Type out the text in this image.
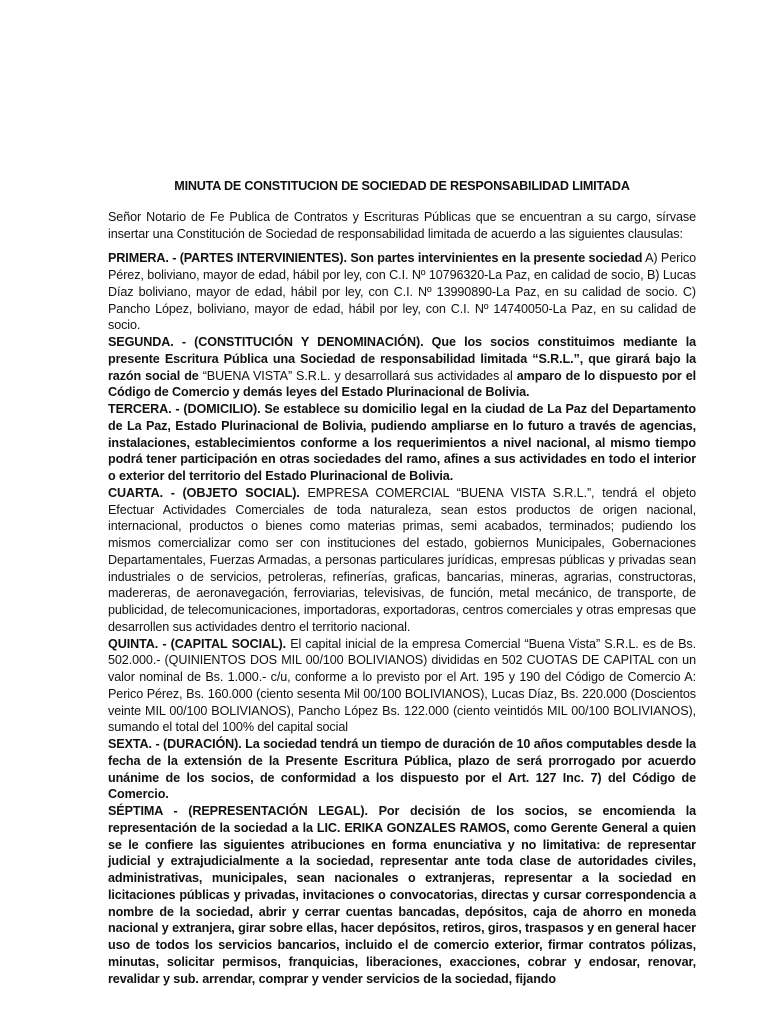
MINUTA DE CONSTITUCION DE SOCIEDAD DE RESPONSABILIDAD LIMITADA

Señor Notario de Fe Publica de Contratos y Escrituras Públicas que se encuentran a su cargo, sírvase insertar una Constitución de Sociedad de responsabilidad limitada de acuerdo a las siguientes clausulas:

PRIMERA. - (PARTES INTERVINIENTES). Son partes intervinientes en la presente sociedad A) Perico Pérez, boliviano, mayor de edad, hábil por ley, con C.I. Nº 10796320-La Paz, en calidad de socio, B) Lucas Díaz boliviano, mayor de edad, hábil por ley, con C.I. Nº 13990890-La Paz, en su calidad de socio. C) Pancho López, boliviano, mayor de edad, hábil por ley, con C.I. Nº 14740050-La Paz, en su calidad de socio.

SEGUNDA. - (CONSTITUCIÓN Y DENOMINACIÓN). Que los socios constituimos mediante la presente Escritura Pública una Sociedad de responsabilidad limitada “S.R.L.”, que girará bajo la razón social de “BUENA VISTA” S.R.L. y desarrollará sus actividades al amparo de lo dispuesto por el Código de Comercio y demás leyes del Estado Plurinacional de Bolivia.

TERCERA. - (DOMICILIO). Se establece su domicilio legal en la ciudad de La Paz del Departamento de La Paz, Estado Plurinacional de Bolivia, pudiendo ampliarse en lo futuro a través de agencias, instalaciones, establecimientos conforme a los requerimientos a nivel nacional, al mismo tiempo podrá tener participación en otras sociedades del ramo, afines a sus actividades en todo el interior o exterior del territorio del Estado Plurinacional de Bolivia.

CUARTA. - (OBJETO SOCIAL). EMPRESA COMERCIAL “BUENA VISTA S.R.L.”, tendrá el objeto Efectuar Actividades Comerciales de toda naturaleza, sean estos productos de origen nacional, internacional, productos o bienes como materias primas, semi acabados, terminados; pudiendo los mismos comercializar como ser con instituciones del estado, gobiernos Municipales, Gobernaciones Departamentales, Fuerzas Armadas, a personas particulares jurídicas, empresas públicas y privadas sean industriales o de servicios, petroleras, refinerías, graficas, bancarias, mineras, agrarias, constructoras, madereras, de aeronavegación, ferroviarias, televisivas, de función, metal mecánico, de transporte, de publicidad, de telecomunicaciones, importadoras, exportadoras, centros comerciales y otras empresas que desarrollen sus actividades dentro el territorio nacional.

QUINTA. - (CAPITAL SOCIAL). El capital inicial de la empresa Comercial “Buena Vista” S.R.L. es de Bs. 502.000.- (QUINIENTOS DOS MIL 00/100 BOLIVIANOS) divididas en 502 CUOTAS DE CAPITAL con un valor nominal de Bs. 1.000.- c/u, conforme a lo previsto por el Art. 195 y 190 del Código de Comercio A: Perico Pérez, Bs. 160.000 (ciento sesenta Mil 00/100 BOLIVIANOS), Lucas Díaz, Bs. 220.000 (Doscientos veinte MIL 00/100 BOLIVIANOS), Pancho López Bs. 122.000 (ciento veintidós MIL 00/100 BOLIVIANOS), sumando el total del 100% del capital social

SEXTA. - (DURACIÓN). La sociedad tendrá un tiempo de duración de 10 años computables desde la fecha de la extensión de la Presente Escritura Pública, plazo de será prorrogado por acuerdo unánime de los socios, de conformidad a los dispuesto por el Art. 127 Inc. 7) del Código de Comercio.

SÉPTIMA - (REPRESENTACIÓN LEGAL). Por decisión de los socios, se encomienda la representación de la sociedad a la LIC. ERIKA GONZALES RAMOS, como Gerente General a quien se le confiere las siguientes atribuciones en forma enunciativa y no limitativa: de representar judicial y extrajudicialmente a la sociedad, representar ante toda clase de autoridades civiles, administrativas, municipales, sean nacionales o extranjeras, representar a la sociedad en licitaciones públicas y privadas, invitaciones o convocatorias, directas y cursar correspondencia a nombre de la sociedad, abrir y cerrar cuentas bancadas, depósitos, caja de ahorro en moneda nacional y extranjera, girar sobre ellas, hacer depósitos, retiros, giros, traspasos y en general hacer uso de todos los servicios bancarios, incluido el de comercio exterior, firmar contratos pólizas, minutas, solicitar permisos, franquicias, liberaciones, exacciones, cobrar y endosar, renovar, revalidar y sub. arrendar, comprar y vender servicios de la sociedad, fijando
